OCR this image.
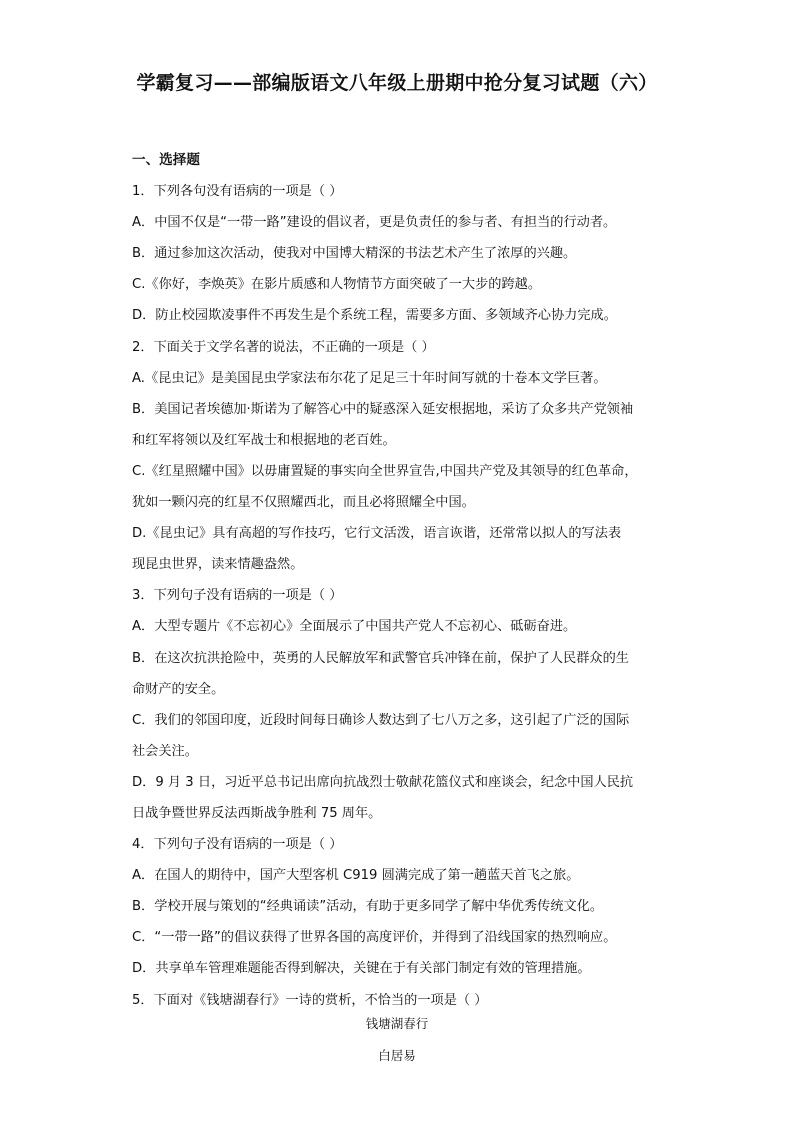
学霸复习——部编版语文八年级上册期中抢分复习试题（六）
一、选择题
1．下列各句没有语病的一项是（ ）
A．中国不仅是“一带一路”建设的倡议者，更是负责任的参与者、有担当的行动者。
B．通过参加这次活动，使我对中国博大精深的书法艺术产生了浓厚的兴趣。
C.《你好，李焕英》在影片质感和人物情节方面突破了一大步的跨越。
D．防止校园欺凌事件不再发生是个系统工程，需要多方面、多领域齐心协力完成。
2．下面关于文学名著的说法，不正确的一项是（ ）
A.《昆虫记》是美国昆虫学家法布尔花了足足三十年时间写就的十卷本文学巨著。
B．美国记者埃德加·斯诺为了解答心中的疑惑深入延安根据地，采访了众多共产党领袖
和红军将领以及红军战士和根据地的老百姓。
C.《红星照耀中国》以毋庸置疑的事实向全世界宣告,中国共产党及其领导的红色革命，
犹如一颗闪亮的红星不仅照耀西北，而且必将照耀全中国。
D.《昆虫记》具有高超的写作技巧，它行文活泼，语言诙谐，还常常以拟人的写法表
现昆虫世界，读来情趣盎然。
3．下列句子没有语病的一项是（ ）
A．大型专题片《不忘初心》全面展示了中国共产党人不忘初心、砥砺奋进。
B．在这次抗洪抢险中，英勇的人民解放军和武警官兵冲锋在前，保护了人民群众的生
命财产的安全。
C．我们的邻国印度，近段时间每日确诊人数达到了七八万之多，这引起了广泛的国际
社会关注。
D．9 月 3 日，习近平总书记出席向抗战烈士敬献花篮仪式和座谈会，纪念中国人民抗
日战争暨世界反法西斯战争胜利 75 周年。
4．下列句子没有语病的一项是（ ）
A．在国人的期待中，国产大型客机 C919 圆满完成了第一趟蓝天首飞之旅。
B．学校开展与策划的“经典诵读”活动，有助于更多同学了解中华优秀传统文化。
C．“一带一路”的倡议获得了世界各国的高度评价，并得到了沿线国家的热烈响应。
D．共享单车管理难题能否得到解决，关键在于有关部门制定有效的管理措施。
5．下面对《钱塘湖春行》一诗的赏析，不恰当的一项是（ ）
钱塘湖春行
白居易
